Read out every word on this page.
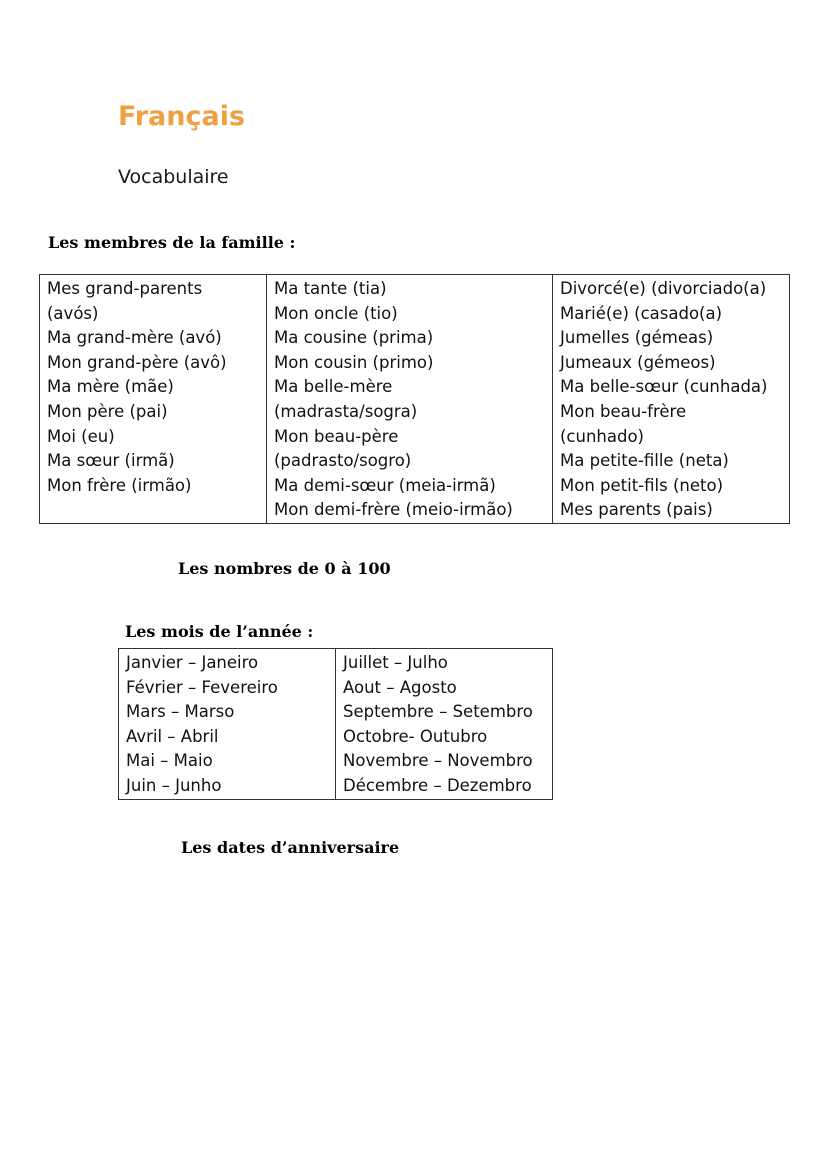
Français
Vocabulaire
Les membres de la famille :
Mes grand-parents
(avós)
Ma grand-mère (avó)
Mon grand-père (avô)
Ma mère (mãe)
Mon père (pai)
Moi (eu)
Ma sœur (irmã)
Mon frère (irmão)

Ma tante (tia)
Mon oncle (tio)
Ma cousine (prima)
Mon cousin (primo)
Ma belle-mère
(madrasta/sogra)
Mon beau-père
(padrasto/sogro)
Ma demi-sœur (meia-irmã)
Mon demi-frère (meio-irmão)

Divorcé(e) (divorciado(a)
Marié(e) (casado(a)
Jumelles (gémeas)
Jumeaux (gémeos)
Ma belle-sœur (cunhada)
Mon beau-frère
(cunhado)
Ma petite-fille (neta)
Mon petit-fils (neto)
Mes parents (pais)
Les nombres de 0 à 100
Les mois de l’année :
Janvier – Janeiro
Février – Fevereiro
Mars – Marso
Avril – Abril
Mai – Maio
Juin – Junho

Juillet – Julho
Aout – Agosto
Septembre – Setembro
Octobre- Outubro
Novembre – Novembro
Décembre – Dezembro
Les dates d’anniversaire
